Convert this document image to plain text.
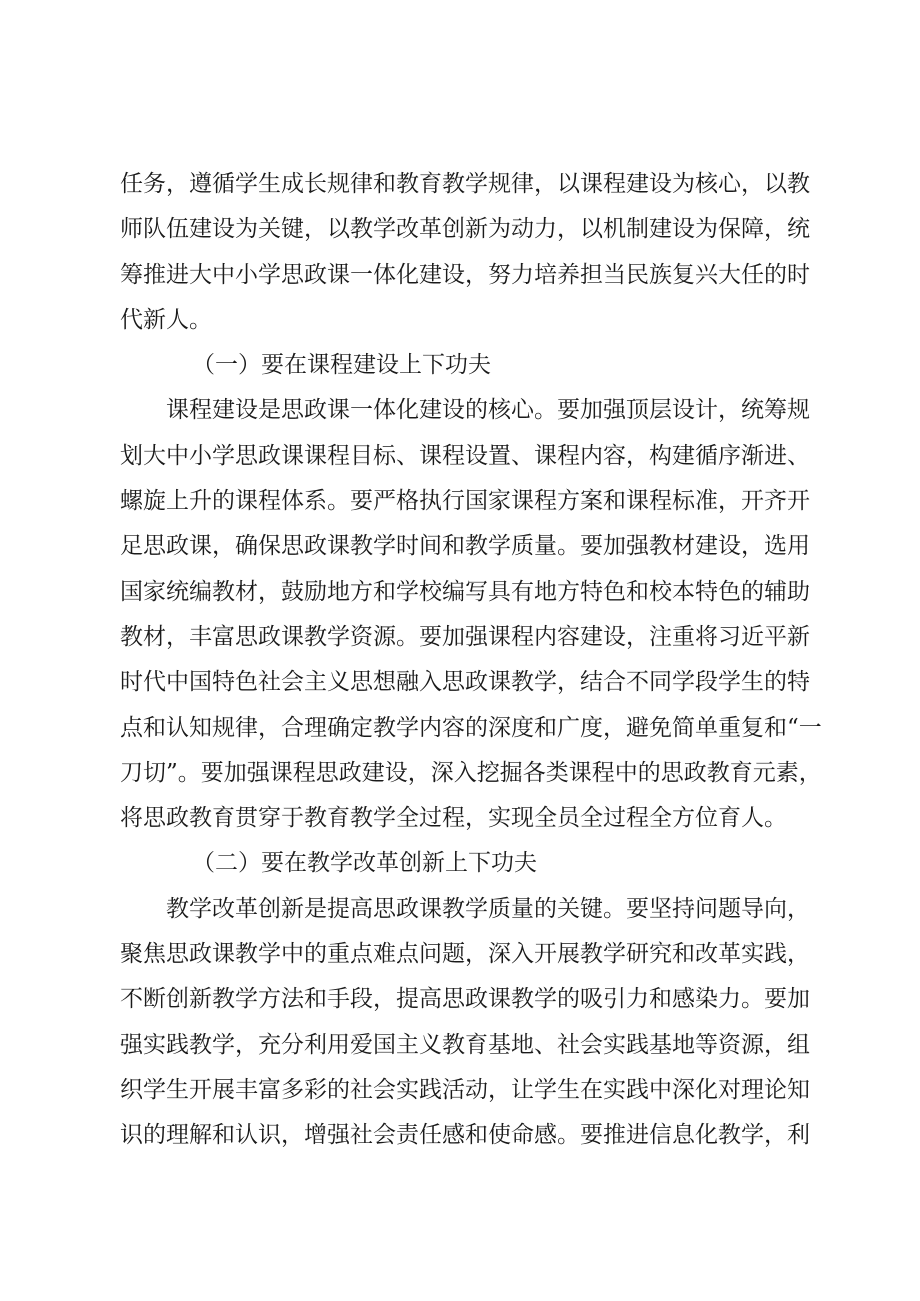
任务，遵循学生成长规律和教育教学规律，以课程建设为核心，以教
师队伍建设为关键，以教学改革创新为动力，以机制建设为保障，统
筹推进大中小学思政课一体化建设，努力培养担当民族复兴大任的时
代新人。
（一）要在课程建设上下功夫
课程建设是思政课一体化建设的核心。要加强顶层设计，统筹规
划大中小学思政课课程目标、课程设置、课程内容，构建循序渐进、
螺旋上升的课程体系。要严格执行国家课程方案和课程标准，开齐开
足思政课，确保思政课教学时间和教学质量。要加强教材建设，选用
国家统编教材，鼓励地方和学校编写具有地方特色和校本特色的辅助
教材，丰富思政课教学资源。要加强课程内容建设，注重将习近平新
时代中国特色社会主义思想融入思政课教学，结合不同学段学生的特
点和认知规律，合理确定教学内容的深度和广度，避免简单重复和“一
刀切”。要加强课程思政建设，深入挖掘各类课程中的思政教育元素，
将思政教育贯穿于教育教学全过程，实现全员全过程全方位育人。
（二）要在教学改革创新上下功夫
教学改革创新是提高思政课教学质量的关键。要坚持问题导向，
聚焦思政课教学中的重点难点问题，深入开展教学研究和改革实践，
不断创新教学方法和手段，提高思政课教学的吸引力和感染力。要加
强实践教学，充分利用爱国主义教育基地、社会实践基地等资源，组
织学生开展丰富多彩的社会实践活动，让学生在实践中深化对理论知
识的理解和认识，增强社会责任感和使命感。要推进信息化教学，利
